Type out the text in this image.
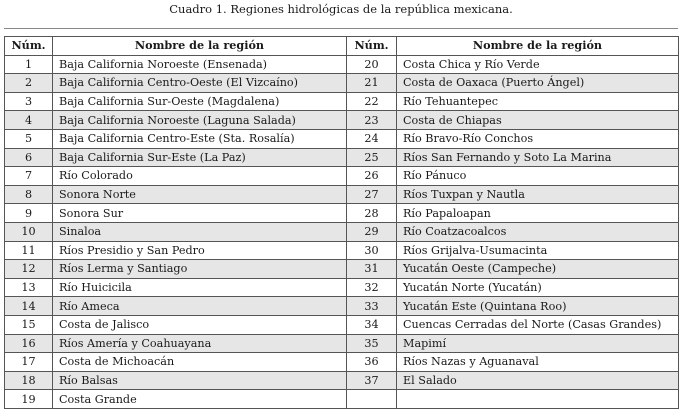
Cuadro 1. Regiones hidrológicas de la república mexicana.
Núm.	Nombre de la región	Núm.	Nombre de la región
1	Baja California Noroeste (Ensenada)	20	Costa Chica y Río Verde
2	Baja California Centro-Oeste (El Vizcaíno)	21	Costa de Oaxaca (Puerto Ángel)
3	Baja California Sur-Oeste (Magdalena)	22	Río Tehuantepec
4	Baja California Noroeste (Laguna Salada)	23	Costa de Chiapas
5	Baja California Centro-Este (Sta. Rosalía)	24	Río Bravo-Río Conchos
6	Baja California Sur-Este (La Paz)	25	Ríos San Fernando y Soto La Marina
7	Río Colorado	26	Río Pánuco
8	Sonora Norte	27	Ríos Tuxpan y Nautla
9	Sonora Sur	28	Río Papaloapan
10	Sinaloa	29	Río Coatzacoalcos
11	Ríos Presidio y San Pedro	30	Ríos Grijalva-Usumacinta
12	Ríos Lerma y Santiago	31	Yucatán Oeste (Campeche)
13	Río Huicicila	32	Yucatán Norte (Yucatán)
14	Río Ameca	33	Yucatán Este (Quintana Roo)
15	Costa de Jalisco	34	Cuencas Cerradas del Norte (Casas Grandes)
16	Ríos Amería y Coahuayana	35	Mapimí
17	Costa de Michoacán	36	Ríos Nazas y Aguanaval
18	Río Balsas	37	El Salado
19	Costa Grande		
